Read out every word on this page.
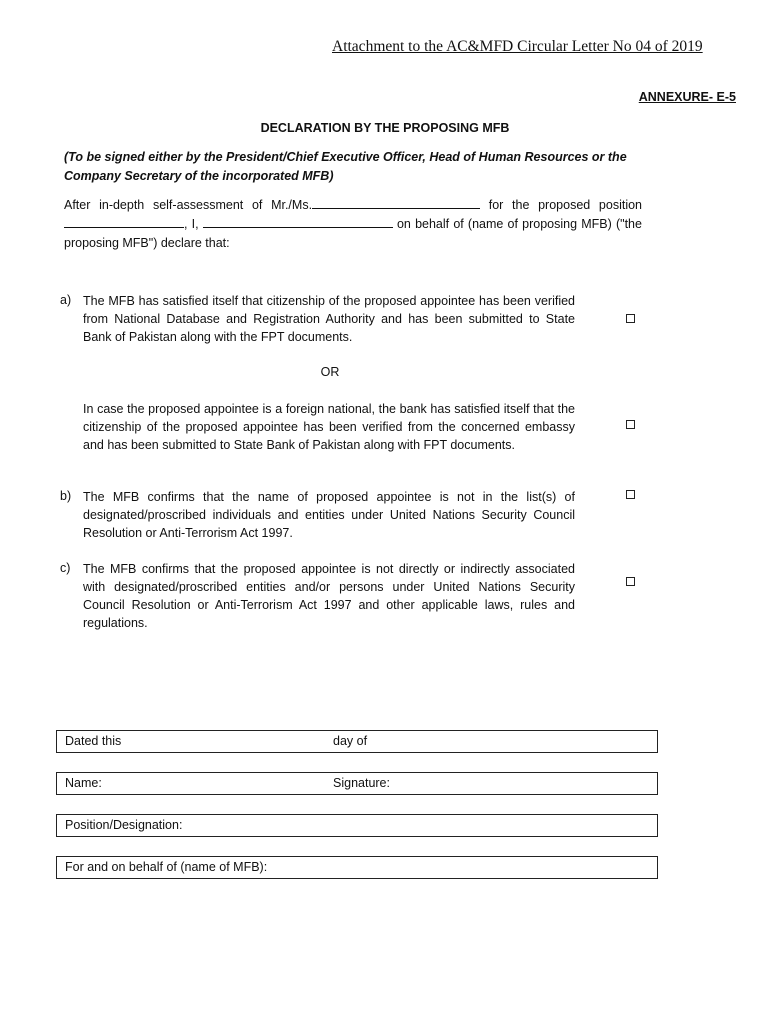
Attachment to the AC&MFD Circular Letter No 04 of 2019
ANNEXURE- E-5
DECLARATION BY THE PROPOSING MFB
(To be signed either by the President/Chief Executive Officer, Head of Human Resources or the Company Secretary of the incorporated MFB)
After in-depth self-assessment of Mr./Ms.	for the proposed position , I,	on behalf of (name of proposing MFB) ("the proposing MFB") declare that:
a) The MFB has satisfied itself that citizenship of the proposed appointee has been verified from National Database and Registration Authority and has been submitted to State Bank of Pakistan along with the FPT documents.
OR
In case the proposed appointee is a foreign national, the bank has satisfied itself that the citizenship of the proposed appointee has been verified from the concerned embassy and has been submitted to State Bank of Pakistan along with FPT documents.
b) The MFB confirms that the name of proposed appointee is not in the list(s) of designated/proscribed individuals and entities under United Nations Security Council Resolution or Anti-Terrorism Act 1997.
c) The MFB confirms that the proposed appointee is not directly or indirectly associated with designated/proscribed entities and/or persons under United Nations Security Council Resolution or Anti-Terrorism Act 1997 and other applicable laws, rules and regulations.
Dated this	day of
Name:	Signature:
Position/Designation:
For and on behalf of (name of MFB):
